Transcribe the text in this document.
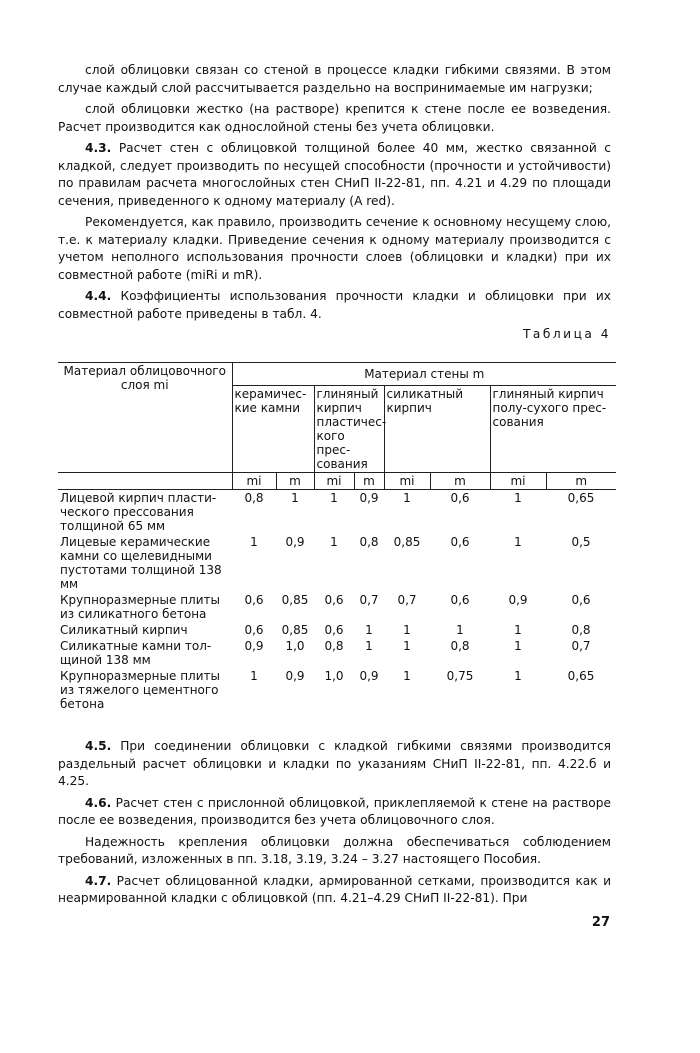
слой облицовки связан со стеной в процессе кладки гибкими связями. В этом случае каждый слой рассчитывается раздельно на воспринимаемые им нагрузки;

слой облицовки жестко (на растворе) крепится к стене после ее возведения. Расчет производится как однослойной стены без учета облицовки.

4.3. Расчет стен с облицовкой толщиной более 40 мм, жестко связанной с кладкой, следует производить по несущей способности (прочности и устойчивости) по правилам расчета многослойных стен СНиП II-22-81, пп. 4.21 и 4.29 по площади сечения, приведенного к одному материалу (A red).

Рекомендуется, как правило, производить сечение к основному несущему слою, т.е. к материалу кладки. Приведение сечения к одному материалу производится с учетом неполного использования прочности слоев (облицовки и кладки) при их совместной работе (miRi и mR).

4.4. Коэффициенты использования прочности кладки и облицовки при их совместной работе приведены в табл. 4.

Таблица 4
Материал облицовочного слоя mi	Материал стены m							
	керамичес-кие камни		глиняный кирпич пластичес-кого прес-сования		силикатный кирпич		глиняный кирпич полу-сухого прес-сования	
	mi	m	mi	m	mi	m	mi	m
Лицевой кирпич пласти-ческого прессования толщиной 65 мм	0,8	1	1	0,9	1	0,6	1	0,65
Лицевые керамические камни со щелевидными пустотами толщиной 138 мм	1	0,9	1	0,8	0,85	0,6	1	0,5
Крупноразмерные плиты из силикатного бетона	0,6	0,85	0,6	0,7	0,7	0,6	0,9	0,6
Силикатный кирпич	0,6	0,85	0,6	1	1	1	1	0,8
Силикатные камни тол-щиной 138 мм	0,9	1,0	0,8	1	1	0,8	1	0,7
Крупноразмерные плиты из тяжелого цементного бетона	1	0,9	1,0	0,9	1	0,75	1	0,65

4.5. При соединении облицовки с кладкой гибкими связями производится раздельный расчет облицовки и кладки по указаниям СНиП II-22-81, пп. 4.22.б и 4.25.

4.6. Расчет стен с прислонной облицовкой, приклепляемой к стене на растворе после ее возведения, производится без учета облицовочного слоя.

Надежность крепления облицовки должна обеспечиваться соблюдением требований, изложенных в пп. 3.18, 3.19, 3.24 – 3.27 настоящего Пособия.

4.7. Расчет облицованной кладки, армированной сетками, производится как и неармированной кладки с облицовкой (пп. 4.21–4.29 СНиП II-22-81). При

27
